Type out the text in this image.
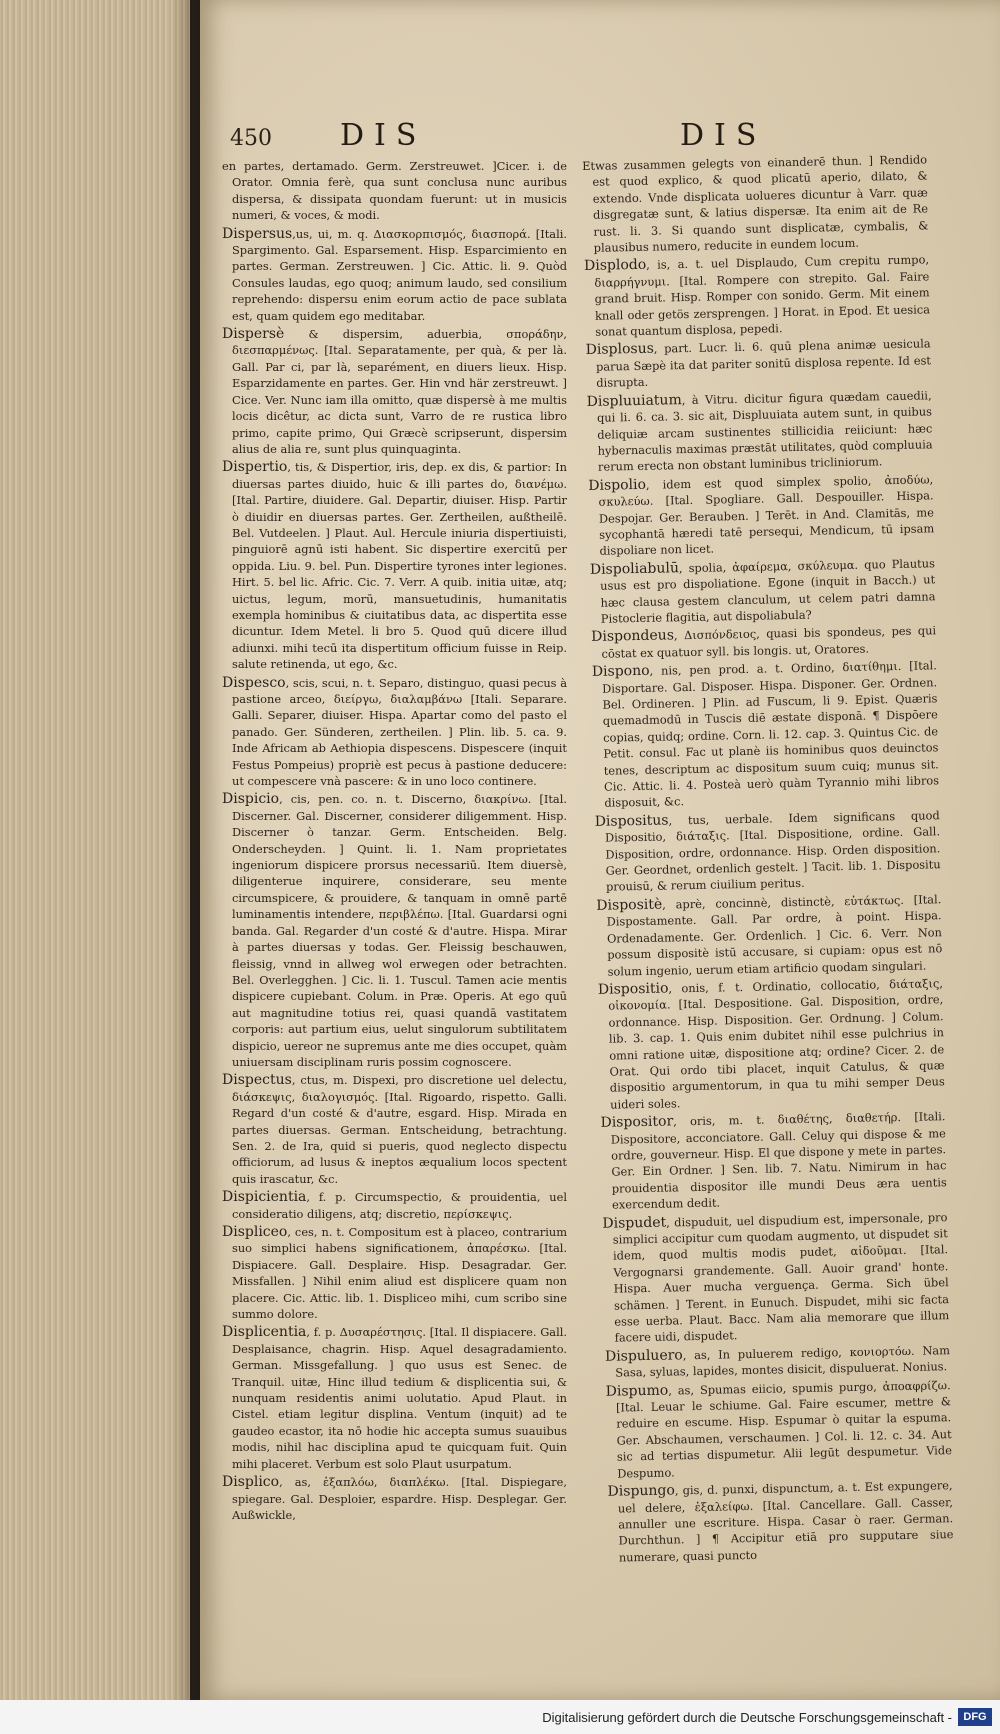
450 DIS	DIS

en partes, dertamado. Germ. Zerstreuwet. ]Cicer. i. de Orator. Omnia ferè, qua sunt conclusa nunc auribus dispersa, & dissipata quondam fuerunt: ut in musicis numeri, & voces, & modi.

Dispersus,us, ui, m. q. Διασκορπισμός, διασπορά. [Itali. Spargimento. Gal. Esparsement. Hisp. Esparcimiento en partes. German. Zerstreuwen. ] Cic. Attic. li. 9. Quòd Consules laudas, ego quoq; animum laudo, sed consilium reprehendo: dispersu enim eorum actio de pace sublata est, quam quidem ego meditabar.

Dispersè & dispersim, aduerbia, σποράδην, διεσπαρμένως. [Ital. Separatamente, per quà, & per là. Gall. Par ci, par là, separément, en diuers lieux. Hisp. Esparzidamente en partes. Ger. Hin vnd här zerstreuwt. ] Cice. Ver. Nunc iam illa omitto, quæ dispersè à me multis locis dicêtur, ac dicta sunt, Varro de re rustica libro primo, capite primo, Qui Græcè scripserunt, dispersim alius de alia re, sunt plus quinquaginta.

Dispertio, tis, & Dispertior, iris, dep. ex dis, & partior: In diuersas partes diuido, huic & illi partes do, διανέμω. [Ital. Partire, diuidere. Gal. Departir, diuiser. Hisp. Partir ò diuidir en diuersas partes. Ger. Zertheilen, außtheilē. Bel. Vutdeelen. ] Plaut. Aul. Hercule iniuria dispertiuisti, pinguiorē agnū isti habent. Sic dispertire exercitū per oppida. Liu. 9. bel. Pun. Dispertire tyrones inter legiones. Hirt. 5. bel lic. Afric. Cic. 7. Verr. A quib. initia uitæ, atq; uictus, legum, morū, mansuetudinis, humanitatis exempla hominibus & ciuitatibus data, ac dispertita esse dicuntur. Idem Metel. li bro 5. Quod quū dicere illud adiunxi. mihi tecū ita dispertitum officium fuisse in Reip. salute retinenda, ut ego, &c.

Dispesco, scis, scui, n. t. Separo, distinguo, quasi pecus à pastione arceo, διείργω, διαλαμβάνω [Itali. Separare. Galli. Separer, diuiser. Hispa. Apartar como del pasto el panado. Ger. Sünderen, zertheilen. ] Plin. lib. 5. ca. 9. Inde Africam ab Aethiopia dispescens. Dispescere (inquit Festus Pompeius) propriè est pecus à pastione deducere: ut compescere vnà pascere: & in uno loco continere.

Dispicio, cis, pen. co. n. t. Discerno, διακρίνω. [Ital. Discerner. Gal. Discerner, considerer diligemment. Hisp. Discerner ò tanzar. Germ. Entscheiden. Belg. Onderscheyden. ] Quint. li. 1. Nam proprietates ingeniorum dispicere prorsus necessariū. Item diuersè, diligenterue inquirere, considerare, seu mente circumspicere, & prouidere, & tanquam in omnē partē luminamentis intendere, περιβλέπω. [Ital. Guardarsi ogni banda. Gal. Regarder d'un costé & d'autre. Hispa. Mirar à partes diuersas y todas. Ger. Fleissig beschauwen, fleissig, vnnd in allweg wol erwegen oder betrachten. Bel. Overlegghen. ] Cic. li. 1. Tuscul. Tamen acie mentis dispicere cupiebant. Colum. in Præ. Operis. At ego quū aut magnitudine totius rei, quasi quandā vastitatem corporis: aut partium eius, uelut singulorum subtilitatem dispicio, uereor ne supremus ante me dies occupet, quàm uniuersam disciplinam ruris possim cognoscere.

Dispectus, ctus, m. Dispexi, pro discretione uel delectu, διάσκεψις, διαλογισμός. [Ital. Rigoardo, rispetto. Galli. Regard d'un costé & d'autre, esgard. Hisp. Mirada en partes diuersas. German. Entscheidung, betrachtung. Sen. 2. de Ira, quid si pueris, quod neglecto dispectu officiorum, ad lusus & ineptos æqualium locos spectent quis irascatur, &c.

Dispicientia, f. p. Circumspectio, & prouidentia, uel consideratio diligens, atq; discretio, περίσκεψις.

Displiceo, ces, n. t. Compositum est à placeo, contrarium suo simplici habens significationem, ἀπαρέσκω. [Ital. Dispiacere. Gall. Desplaire. Hisp. Desagradar. Ger. Missfallen. ] Nihil enim aliud est displicere quam non placere. Cic. Attic. lib. 1. Displiceo mihi, cum scribo sine summo dolore.

Displicentia, f. p. Δυσαρέστησις. [Ital. Il dispiacere. Gall. Desplaisance, chagrin. Hisp. Aquel desagradamiento. German. Missgefallung. ] quo usus est Senec. de Tranquil. uitæ, Hinc illud tedium & displicentia sui, & nunquam residentis animi uolutatio. Apud Plaut. in Cistel. etiam legitur displina. Ventum (inquit) ad te gaudeo ecastor, ita nō hodie hic accepta sumus suauibus modis, nihil hac disciplina apud te quicquam fuit. Quin mihi placeret. Verbum est solo Plaut usurpatum.

Displico, as, ἐξαπλόω, διαπλέκω. [Ital. Dispiegare, spiegare. Gal. Desploier, espardre. Hisp. Desplegar. Ger. Außwickle,

Etwas zusammen gelegts von einanderē thun. ] Rendido est quod explico, & quod plicatū aperio, dilato, & extendo. Vnde displicata uolueres dicuntur à Varr. quæ disgregatæ sunt, & latius dispersæ. Ita enim ait de Re rust. li. 3. Si quando sunt displicatæ, cymbalis, & plausibus numero, reducite in eundem locum.

Displodo, is, a. t. uel Displaudo, Cum crepitu rumpo, διαρρήγνυμι. [Ital. Rompere con strepito. Gal. Faire grand bruit. Hisp. Romper con sonido. Germ. Mit einem knall oder getös zersprengen. ] Horat. in Epod. Et uesica sonat quantum displosa, pepedi.

Displosus, part. Lucr. li. 6. quū plena animæ uesicula parua Sæpè ita dat pariter sonitū displosa repente. Id est disrupta.

Displuuiatum, à Vitru. dicitur figura quædam cauedii, qui li. 6. ca. 3. sic ait, Displuuiata autem sunt, in quibus deliquiæ arcam sustinentes stillicidia reiiciunt: hæc hybernaculis maximas præstāt utilitates, quòd compluuia rerum erecta non obstant luminibus tricliniorum.

Dispolio, idem est quod simplex spolio, ἀποδύω, σκυλεύω. [Ital. Spogliare. Gall. Despouiller. Hispa. Despojar. Ger. Berauben. ] Terēt. in And. Clamitās, me sycophantā hæredi tatē persequi, Mendicum, tū ipsam dispoliare non licet.

Dispoliabulū, spolia, ἀφαίρεμα, σκύλευμα. quo Plautus usus est pro dispoliatione. Egone (inquit in Bacch.) ut hæc clausa gestem clanculum, ut celem patri damna Pistoclerie flagitia, aut dispoliabula?

Dispondeus, Δισπόνδειος, quasi bis spondeus, pes qui cōstat ex quatuor syll. bis longis. ut, Oratores.

Dispono, nis, pen prod. a. t. Ordino, διατίθημι. [Ital. Disportare. Gal. Disposer. Hispa. Disponer. Ger. Ordnen. Bel. Ordineren. ] Plin. ad Fuscum, li 9. Epist. Quæris quemadmodū in Tuscis diē æstate disponā. ¶ Dispōere copias, quidq; ordine. Corn. li. 12. cap. 3. Quintus Cic. de Petit. consul. Fac ut planè iis hominibus quos deuinctos tenes, descriptum ac dispositum suum cuiq; munus sit. Cic. Attic. li. 4. Posteà uerò quàm Tyrannio mihi libros disposuit, &c.

Dispositus, tus, uerbale. Idem significans quod Dispositio, διάταξις. [Ital. Dispositione, ordine. Gall. Disposition, ordre, ordonnance. Hisp. Orden disposition. Ger. Geordnet, ordenlich gestelt. ] Tacit. lib. 1. Dispositu prouisū, & rerum ciuilium peritus.

Dispositè, aprè, concinnè, distinctè, εὐτάκτως. [Ital. Dispostamente. Gall. Par ordre, à point. Hispa. Ordenadamente. Ger. Ordenlich. ] Cic. 6. Verr. Non possum dispositè istū accusare, si cupiam: opus est nō solum ingenio, uerum etiam artificio quodam singulari.

Dispositio, onis, f. t. Ordinatio, collocatio, διάταξις, οἰκονομία. [Ital. Despositione. Gal. Disposition, ordre, ordonnance. Hisp. Disposition. Ger. Ordnung. ] Colum. lib. 3. cap. 1. Quis enim dubitet nihil esse pulchrius in omni ratione uitæ, dispositione atq; ordine? Cicer. 2. de Orat. Qui ordo tibi placet, inquit Catulus, & quæ dispositio argumentorum, in qua tu mihi semper Deus uideri soles.

Dispositor, oris, m. t. διαθέτης, διαθετήρ. [Itali. Dispositore, acconciatore. Gall. Celuy qui dispose & me ordre, gouverneur. Hisp. El que dispone y mete in partes. Ger. Ein Ordner. ] Sen. lib. 7. Natu. Nimirum in hac prouidentia dispositor ille mundi Deus æra uentis exercendum dedit.

Dispudet, dispuduit, uel dispudium est, impersonale, pro simplici accipitur cum quodam augmento, ut dispudet sit idem, quod multis modis pudet, αἰδοῦμαι. [Ital. Vergognarsi grandemente. Gall. Auoir grand' honte. Hispa. Auer mucha verguença. Germa. Sich übel schämen. ] Terent. in Eunuch. Dispudet, mihi sic facta esse uerba. Plaut. Bacc. Nam alia memorare que illum facere uidi, dispudet.

Dispuluero, as, In puluerem redigo, κονιορτόω. Nam Sasa, syluas, lapides, montes disicit, dispuluerat. Nonius.

Dispumo, as, Spumas eiicio, spumis purgo, ἀποαφρίζω. [Ital. Leuar le schiume. Gal. Faire escumer, mettre & reduire en escume. Hisp. Espumar ò quitar la espuma. Ger. Abschaumen, verschaumen. ] Col. li. 12. c. 34. Aut sic ad tertias dispumetur. Alii legūt despumetur. Vide Despumo.

Dispungo, gis, d. punxi, dispunctum, a. t. Est expungere, uel delere, ἐξαλείφω. [Ital. Cancellare. Gall. Casser, annuller une escriture. Hispa. Casar ò raer. German. Durchthun. ] ¶ Accipitur etiā pro supputare siue numerare, quasi puncto

Digitalisierung gefördert durch die Deutsche Forschungsgemeinschaft -	DFG
